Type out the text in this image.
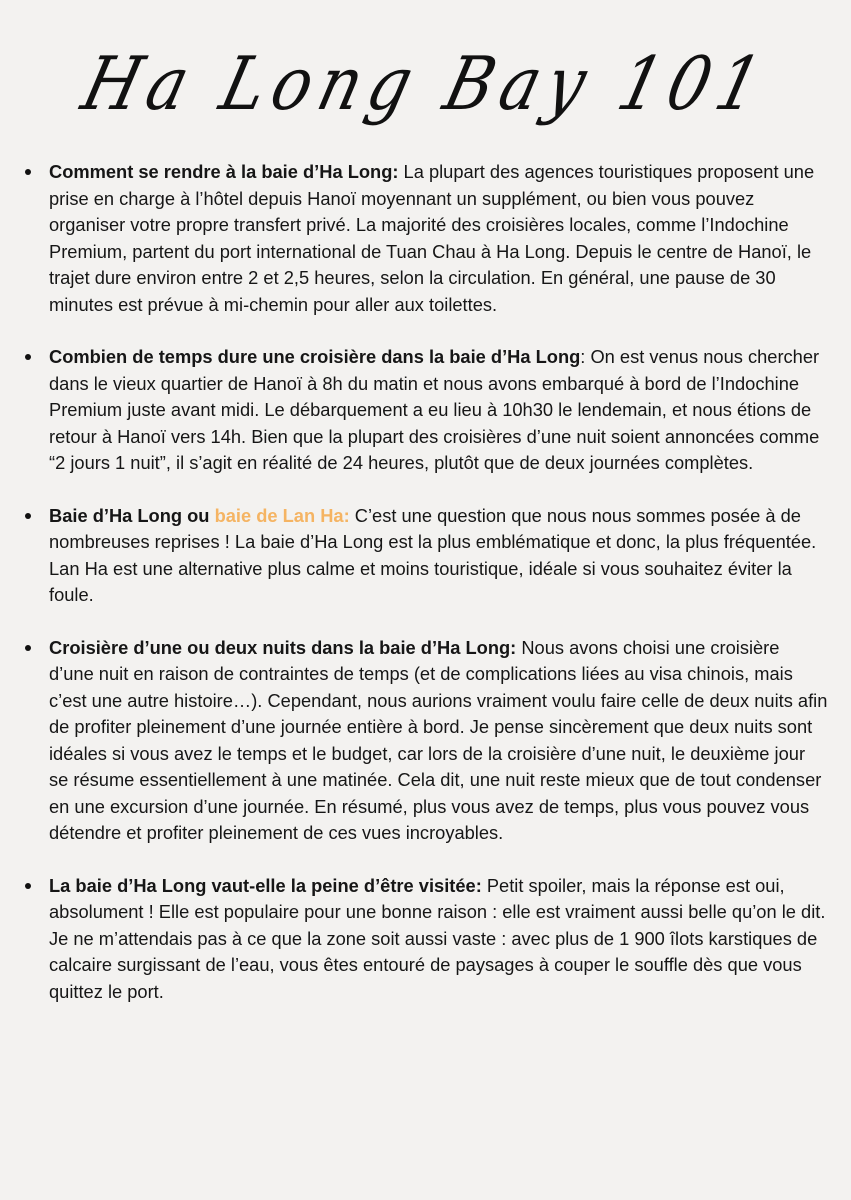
Ha Long Bay 101
Comment se rendre à la baie d’Ha Long: La plupart des agences touristiques proposent une prise en charge à l’hôtel depuis Hanoï moyennant un supplément, ou bien vous pouvez organiser votre propre transfert privé. La majorité des croisières locales, comme l’Indochine Premium, partent du port international de Tuan Chau à Ha Long. Depuis le centre de Hanoï, le trajet dure environ entre 2 et 2,5 heures, selon la circulation. En général, une pause de 30 minutes est prévue à mi-chemin pour aller aux toilettes.
Combien de temps dure une croisière dans la baie d’Ha Long: On est venus nous chercher dans le vieux quartier de Hanoï à 8h du matin et nous avons embarqué à bord de l’Indochine Premium juste avant midi. Le débarquement a eu lieu à 10h30 le lendemain, et nous étions de retour à Hanoï vers 14h. Bien que la plupart des croisières d’une nuit soient annoncées comme “2 jours 1 nuit”, il s’agit en réalité de 24 heures, plutôt que de deux journées complètes.
Baie d’Ha Long ou baie de Lan Ha: C’est une question que nous nous sommes posée à de nombreuses reprises ! La baie d’Ha Long est la plus emblématique et donc, la plus fréquentée. Lan Ha est une alternative plus calme et moins touristique, idéale si vous souhaitez éviter la foule.
Croisière d’une ou deux nuits dans la baie d’Ha Long: Nous avons choisi une croisière d’une nuit en raison de contraintes de temps (et de complications liées au visa chinois, mais c’est une autre histoire…). Cependant, nous aurions vraiment voulu faire celle de deux nuits afin de profiter pleinement d’une journée entière à bord. Je pense sincèrement que deux nuits sont idéales si vous avez le temps et le budget, car lors de la croisière d’une nuit, le deuxième jour se résume essentiellement à une matinée. Cela dit, une nuit reste mieux que de tout condenser en une excursion d’une journée. En résumé, plus vous avez de temps, plus vous pouvez vous détendre et profiter pleinement de ces vues incroyables.
La baie d’Ha Long vaut-elle la peine d’être visitée: Petit spoiler, mais la réponse est oui, absolument ! Elle est populaire pour une bonne raison : elle est vraiment aussi belle qu’on le dit. Je ne m’attendais pas à ce que la zone soit aussi vaste : avec plus de 1 900 îlots karstiques de calcaire surgissant de l’eau, vous êtes entouré de paysages à couper le souffle dès que vous quittez le port.
